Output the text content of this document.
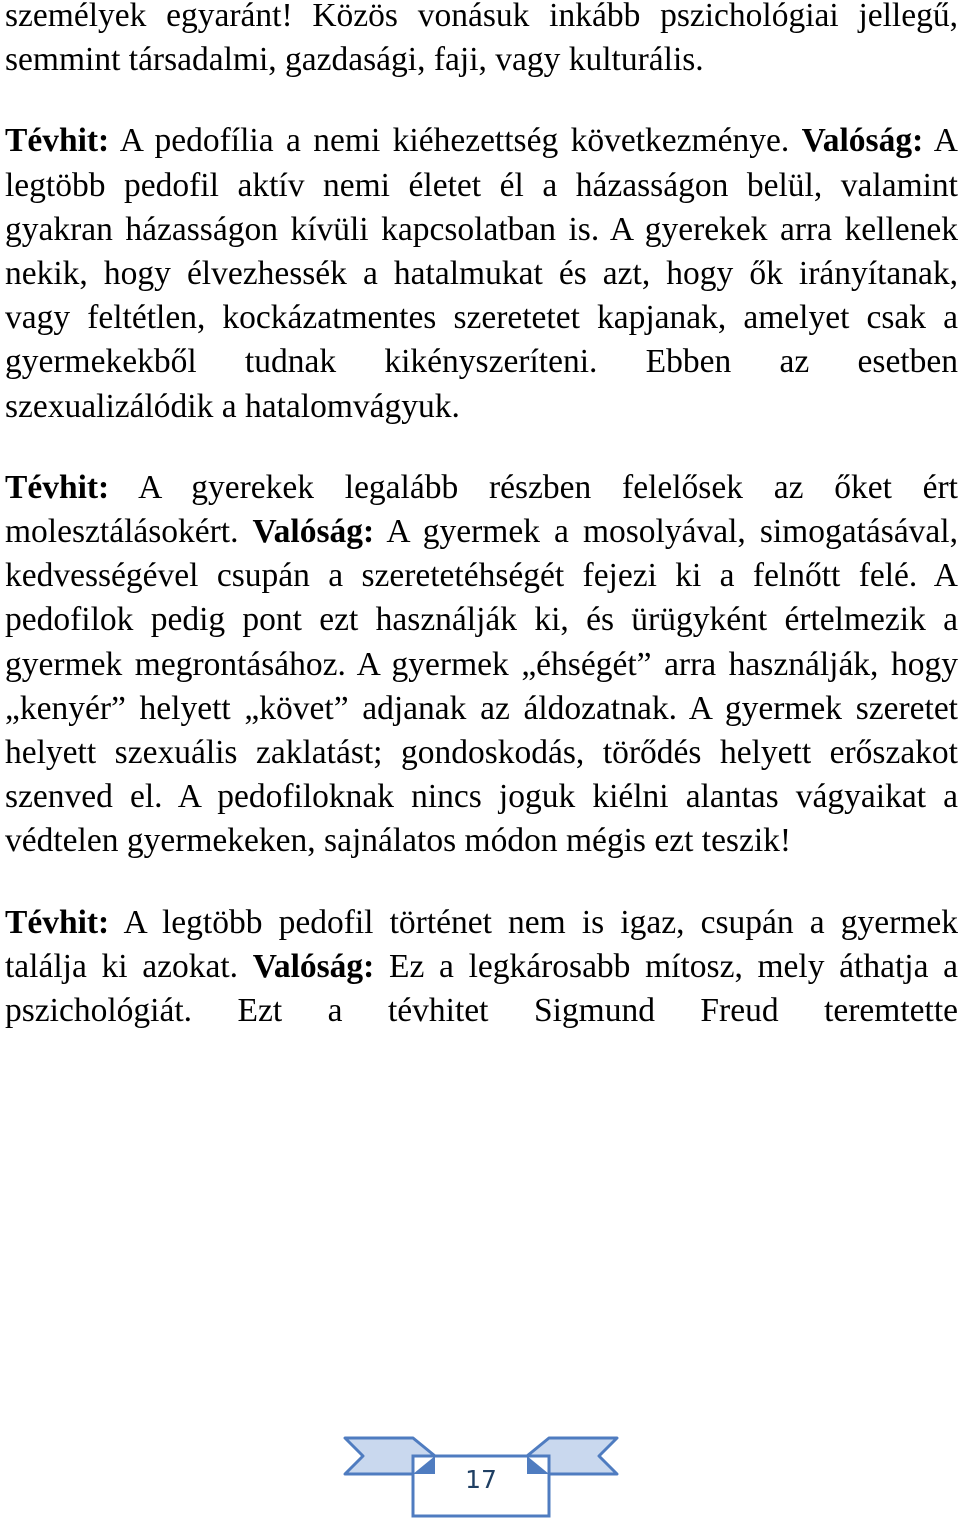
személyek egyaránt! Közös vonásuk inkább pszichológiai jellegű, semmint társadalmi, gazdasági, faji, vagy kulturális.

Tévhit: A pedofília a nemi kiéhezettség következménye. Valóság: A legtöbb pedofil aktív nemi életet él a házasságon belül, valamint gyakran házasságon kívüli kapcsolatban is. A gyerekek arra kellenek nekik, hogy élvezhessék a hatalmukat és azt, hogy ők irányítanak, vagy feltétlen, kockázatmentes szeretetet kapjanak, amelyet csak a gyermekekből tudnak kikényszeríteni. Ebben az esetben szexualizálódik a hatalomvágyuk.

Tévhit: A gyerekek legalább részben felelősek az őket ért molesztálásokért. Valóság: A gyermek a mosolyával, simogatásával, kedvességével csupán a szeretetéhségét fejezi ki a felnőtt felé. A pedofilok pedig pont ezt használják ki, és ürügyként értelmezik a gyermek megrontásához. A gyermek „éhségét” arra használják, hogy „kenyér” helyett „követ” adjanak az áldozatnak. A gyermek szeretet helyett szexuális zaklatást; gondoskodás, törődés helyett erőszakot szenved el. A pedofiloknak nincs joguk kiélni alantas vágyaikat a védtelen gyermekeken, sajnálatos módon mégis ezt teszik!

Tévhit: A legtöbb pedofil történet nem is igaz, csupán a gyermek találja ki azokat. Valóság: Ez a legkárosabb mítosz, mely áthatja a pszichológiát. Ezt a tévhitet Sigmund Freud teremtette

17
